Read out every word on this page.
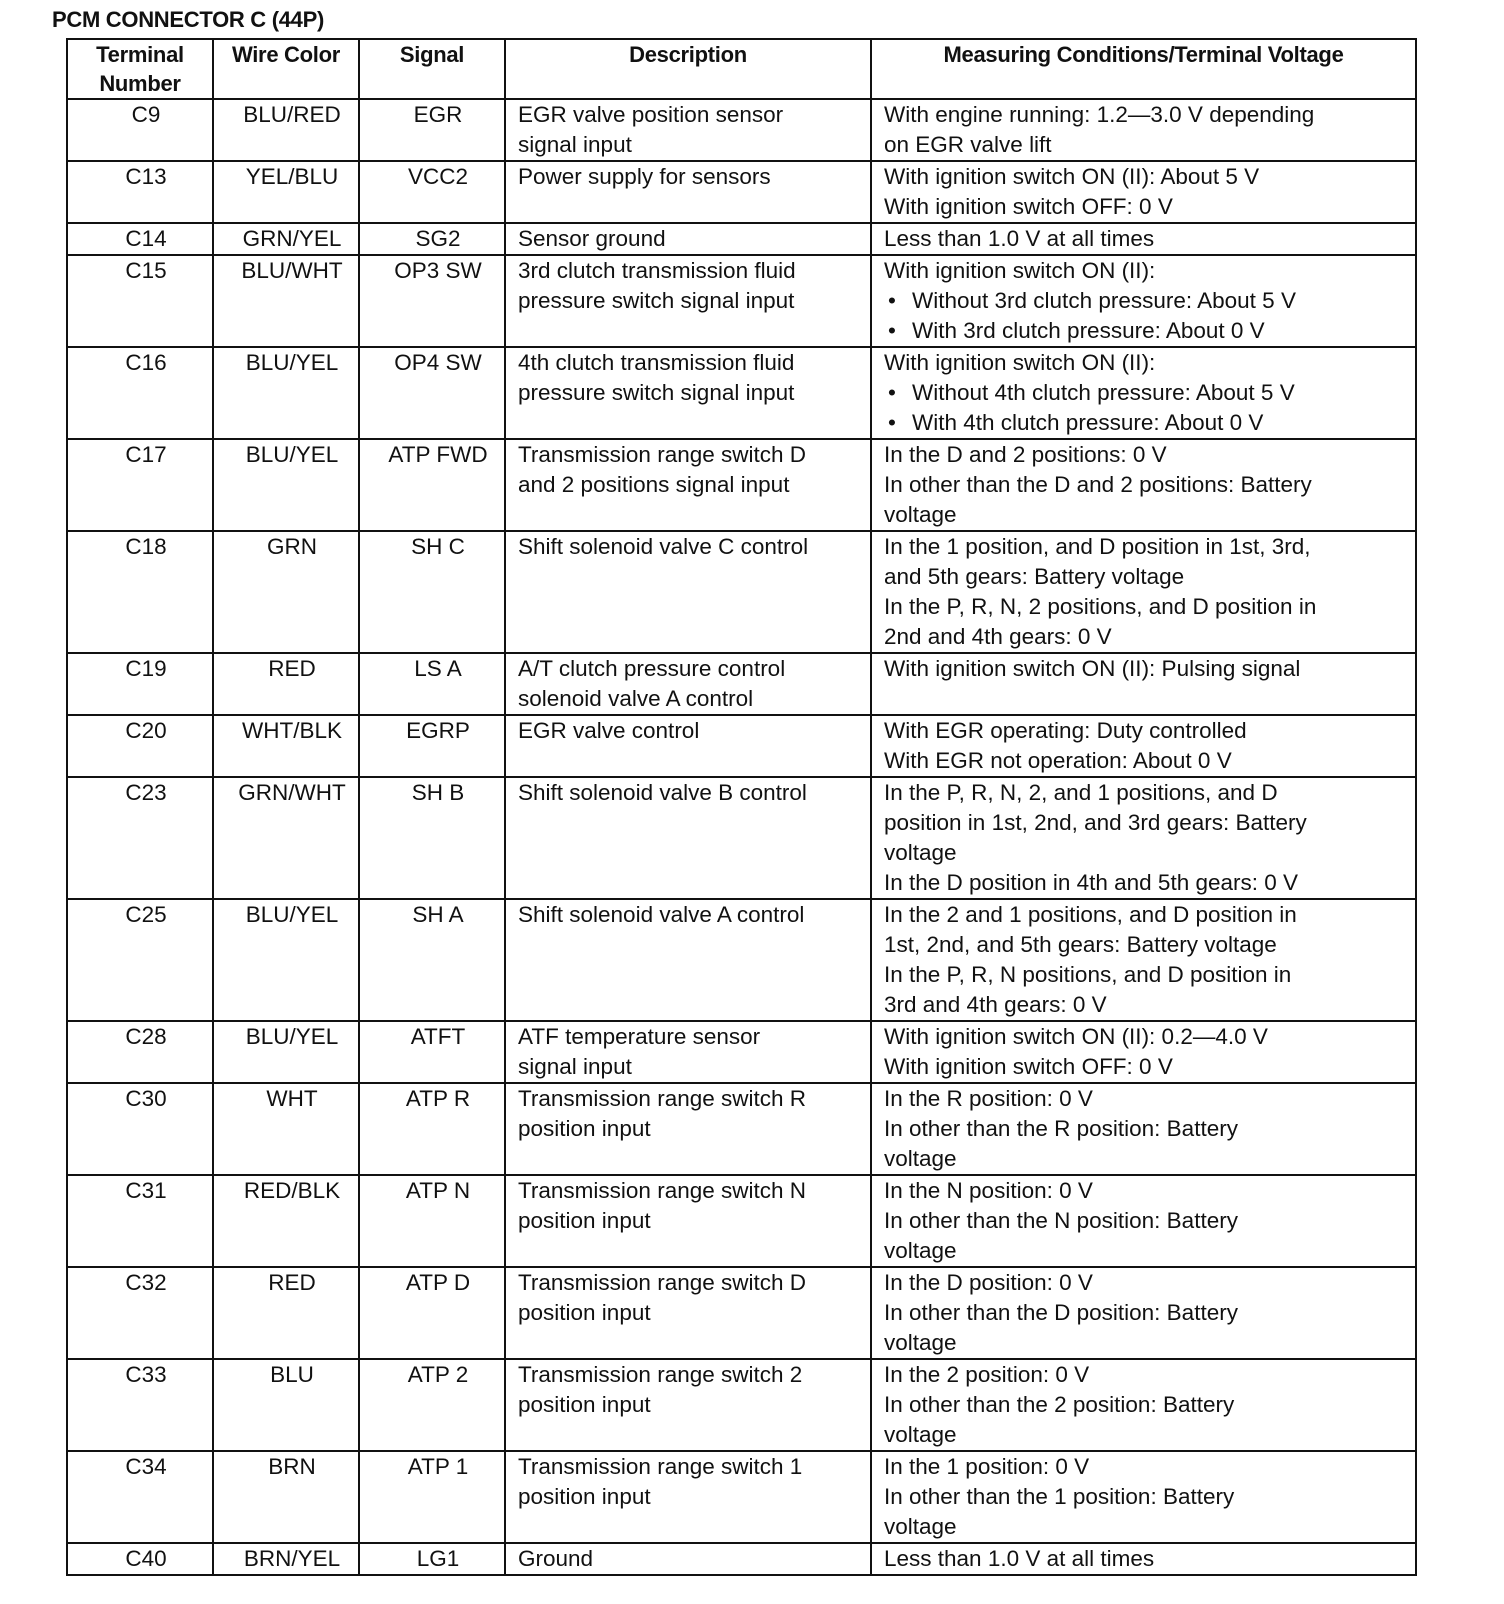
PCM CONNECTOR C (44P)
Terminal
Number	Wire Color	Signal	Description	Measuring Conditions/Terminal Voltage
C9	BLU/RED	EGR	EGR valve position sensor
signal input	With engine running: 1.2—3.0 V depending
on EGR valve lift

C13	YEL/BLU	VCC2	Power supply for sensors	With ignition switch ON (II): About 5 V
With ignition switch OFF: 0 V

C14	GRN/YEL	SG2	Sensor ground	Less than 1.0 V at all times

C15	BLU/WHT	OP3 SW	3rd clutch transmission fluid
pressure switch signal input	With ignition switch ON (II):
• Without 3rd clutch pressure: About 5 V
• With 3rd clutch pressure: About 0 V

C16	BLU/YEL	OP4 SW	4th clutch transmission fluid
pressure switch signal input	With ignition switch ON (II):
• Without 4th clutch pressure: About 5 V
• With 4th clutch pressure: About 0 V

C17	BLU/YEL	ATP FWD	Transmission range switch D
and 2 positions signal input	In the D and 2 positions: 0 V
In other than the D and 2 positions: Battery
voltage

C18	GRN	SH C	Shift solenoid valve C control	In the 1 position, and D position in 1st, 3rd,
and 5th gears: Battery voltage
In the P, R, N, 2 positions, and D position in
2nd and 4th gears: 0 V

C19	RED	LS A	A/T clutch pressure control
solenoid valve A control	With ignition switch ON (II): Pulsing signal

C20	WHT/BLK	EGRP	EGR valve control	With EGR operating: Duty controlled
With EGR not operation: About 0 V

C23	GRN/WHT	SH B	Shift solenoid valve B control	In the P, R, N, 2, and 1 positions, and D
position in 1st, 2nd, and 3rd gears: Battery
voltage
In the D position in 4th and 5th gears: 0 V

C25	BLU/YEL	SH A	Shift solenoid valve A control	In the 2 and 1 positions, and D position in
1st, 2nd, and 5th gears: Battery voltage
In the P, R, N positions, and D position in
3rd and 4th gears: 0 V

C28	BLU/YEL	ATFT	ATF temperature sensor
signal input	With ignition switch ON (II): 0.2—4.0 V
With ignition switch OFF: 0 V

C30	WHT	ATP R	Transmission range switch R
position input	In the R position: 0 V
In other than the R position: Battery
voltage

C31	RED/BLK	ATP N	Transmission range switch N
position input	In the N position: 0 V
In other than the N position: Battery
voltage

C32	RED	ATP D	Transmission range switch D
position input	In the D position: 0 V
In other than the D position: Battery
voltage

C33	BLU	ATP 2	Transmission range switch 2
position input	In the 2 position: 0 V
In other than the 2 position: Battery
voltage

C34	BRN	ATP 1	Transmission range switch 1
position input	In the 1 position: 0 V
In other than the 1 position: Battery
voltage

C40	BRN/YEL	LG1	Ground	Less than 1.0 V at all times
